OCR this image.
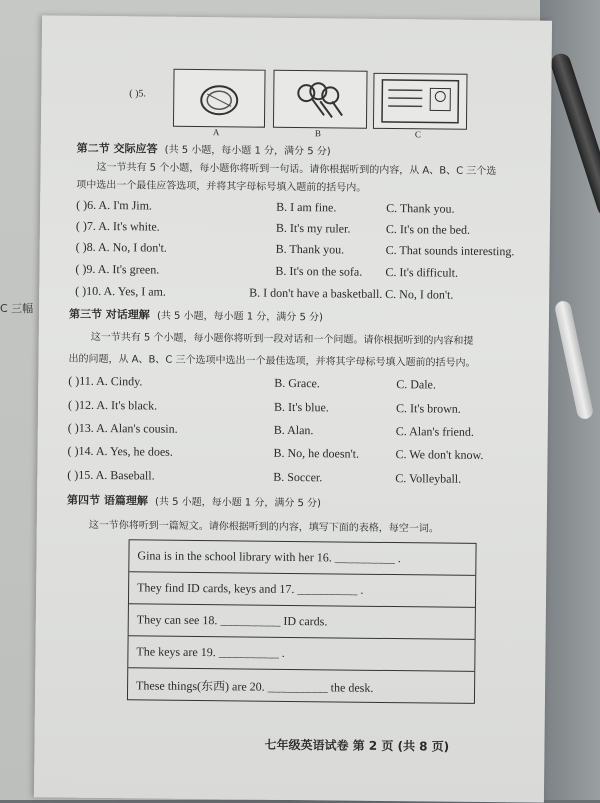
C 三幅
( )5.
A	B	C
第二节 交际应答 (共 5 小题，每小题 1 分，满分 5 分)
这一节共有 5 个小题，每小题你将听到一句话。请你根据听到的内容，从 A、B、C 三个选
项中选出一个最佳应答选项，并将其字母标号填入题前的括号内。
( )6. A. I'm Jim.	B. I am fine.	C. Thank you.
( )7. A. It's white.	B. It's my ruler.	C. It's on the bed.
( )8. A. No, I don't.	B. Thank you.	C. That sounds interesting.
( )9. A. It's green.	B. It's on the sofa. C. It's difficult.
( )10. A. Yes, I am.	B. I don't have a basketball. C. No, I don't.
第三节 对话理解 (共 5 小题，每小题 1 分，满分 5 分)
这一节共有 5 个小题，每小题你将听到一段对话和一个问题。请你根据听到的内容和提
出的问题，从 A、B、C 三个选项中选出一个最佳选项，并将其字母标号填入题前的括号内。
( )11. A. Cindy.	B. Grace.	C. Dale.
( )12. A. It's black.	B. It's blue.	C. It's brown.
( )13. A. Alan's cousin.	B. Alan.	C. Alan's friend.
( )14. A. Yes, he does.	B. No, he doesn't.	C. We don't know.
( )15. A. Baseball.	B. Soccer.	C. Volleyball.
第四节 语篇理解 (共 5 小题，每小题 1 分，满分 5 分)
这一节你将听到一篇短文。请你根据听到的内容，填写下面的表格，每空一词。
Gina is in the school library with her 16. __________ .
They find ID cards, keys and 17. __________ .
They can see 18. __________ ID cards.
The keys are 19. __________ .
These things(东西) are 20. __________ the desk.
七年级英语试卷 第 2 页 (共 8 页)
